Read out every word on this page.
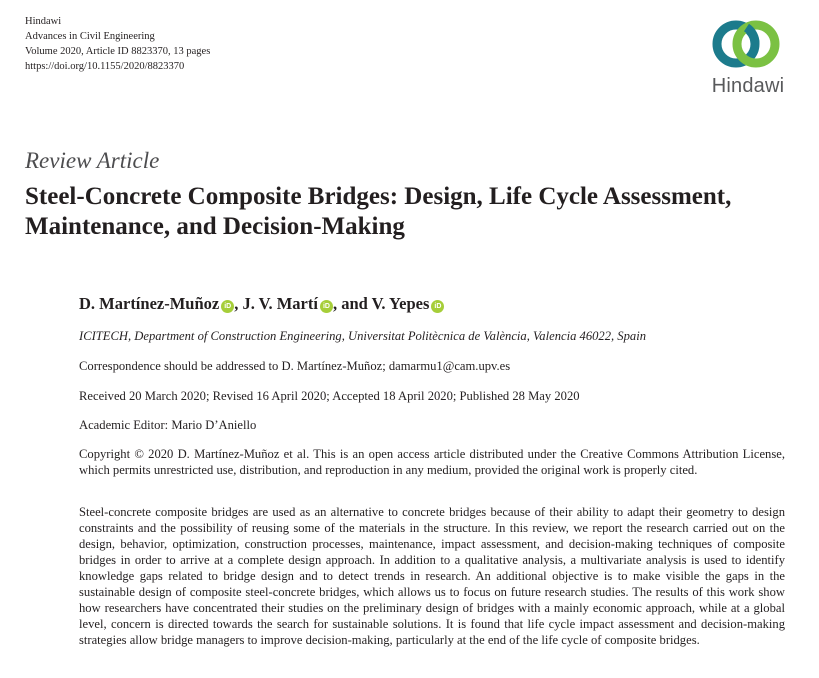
Hindawi
Advances in Civil Engineering
Volume 2020, Article ID 8823370, 13 pages
https://doi.org/10.1155/2020/8823370
Hindawi
Review Article
Steel-Concrete Composite Bridges: Design, Life Cycle Assessment, Maintenance, and Decision-Making
D. Martínez-Muñoz iD , J. V. Martí iD , and V. Yepes iD
ICITECH, Department of Construction Engineering, Universitat Politècnica de València, Valencia 46022, Spain
Correspondence should be addressed to D. Martínez-Muñoz; damarmu1@cam.upv.es
Received 20 March 2020; Revised 16 April 2020; Accepted 18 April 2020; Published 28 May 2020
Academic Editor: Mario D’Aniello

Copyright © 2020 D. Martínez-Muñoz et al. This is an open access article distributed under the Creative Commons Attribution License, which permits unrestricted use, distribution, and reproduction in any medium, provided the original work is properly cited.

Steel-concrete composite bridges are used as an alternative to concrete bridges because of their ability to adapt their geometry to design constraints and the possibility of reusing some of the materials in the structure. In this review, we report the research carried out on the design, behavior, optimization, construction processes, maintenance, impact assessment, and decision-making techniques of composite bridges in order to arrive at a complete design approach. In addition to a qualitative analysis, a multivariate analysis is used to identify knowledge gaps related to bridge design and to detect trends in research. An additional objective is to make visible the gaps in the sustainable design of composite steel-concrete bridges, which allows us to focus on future research studies. The results of this work show how researchers have concentrated their studies on the preliminary design of bridges with a mainly economic approach, while at a global level, concern is directed towards the search for sustainable solutions. It is found that life cycle impact assessment and decision-making strategies allow bridge managers to improve decision-making, particularly at the end of the life cycle of composite bridges.
